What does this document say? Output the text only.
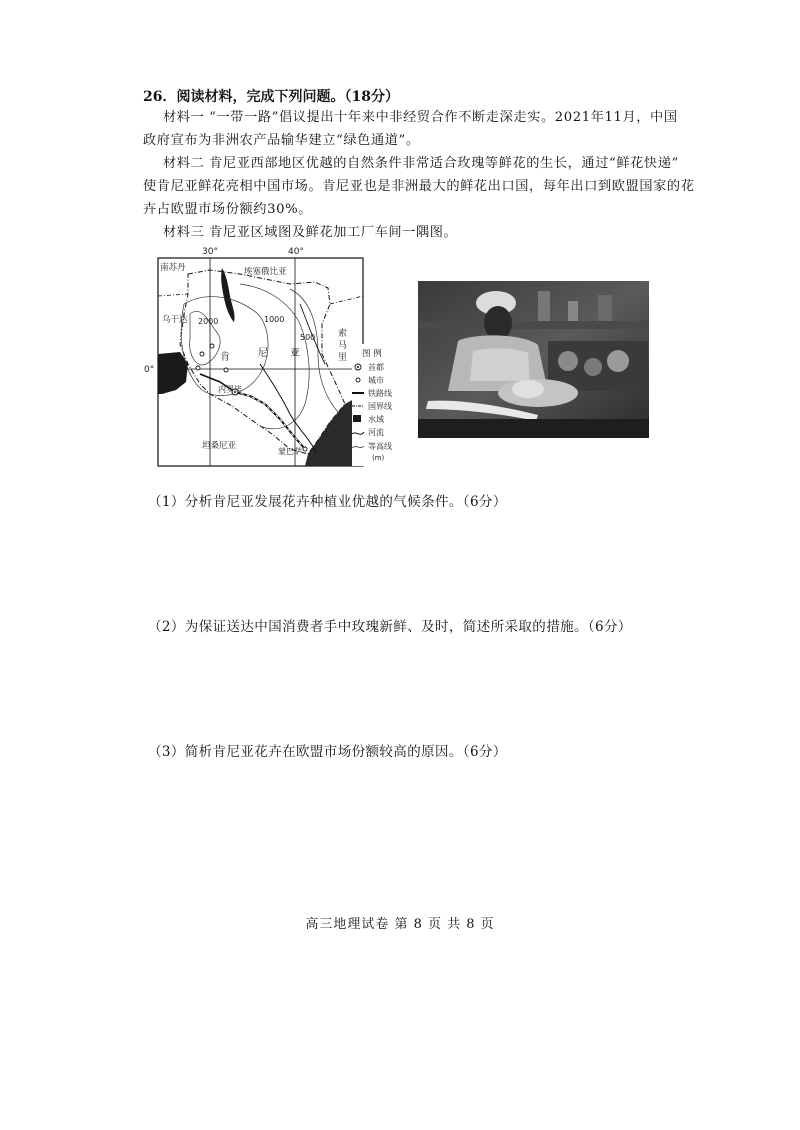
26．阅读材料，完成下列问题。（18分）
材料一 “一带一路”倡议提出十年来中非经贸合作不断走深走实。2021年11月，中国
政府宣布为非洲农产品输华建立“绿色通道”。
材料二 肯尼亚西部地区优越的自然条件非常适合玫瑰等鲜花的生长，通过“鲜花快递”
使肯尼亚鲜花亮相中国市场。肯尼亚也是非洲最大的鲜花出口国，每年出口到欧盟国家的花
卉占欧盟市场份额约30%。
材料三 肯尼亚区域图及鲜花加工厂车间一隅图。
30°	40°
0°
南苏丹	埃塞俄比亚
乌干达
索
马
里
肯	尼 亚
坦桑尼亚
内罗毕
蒙巴萨
2000	1000
500
图 例
首都
城市
铁路线
国界线
水域
河流
等高线
(m)
（1）分析肯尼亚发展花卉种植业优越的气候条件。（6分）
（2）为保证送达中国消费者手中玫瑰新鲜、及时，简述所采取的措施。（6分）
（3）简析肯尼亚花卉在欧盟市场份额较高的原因。（6分）
高三地理试卷 第 8 页 共 8 页
